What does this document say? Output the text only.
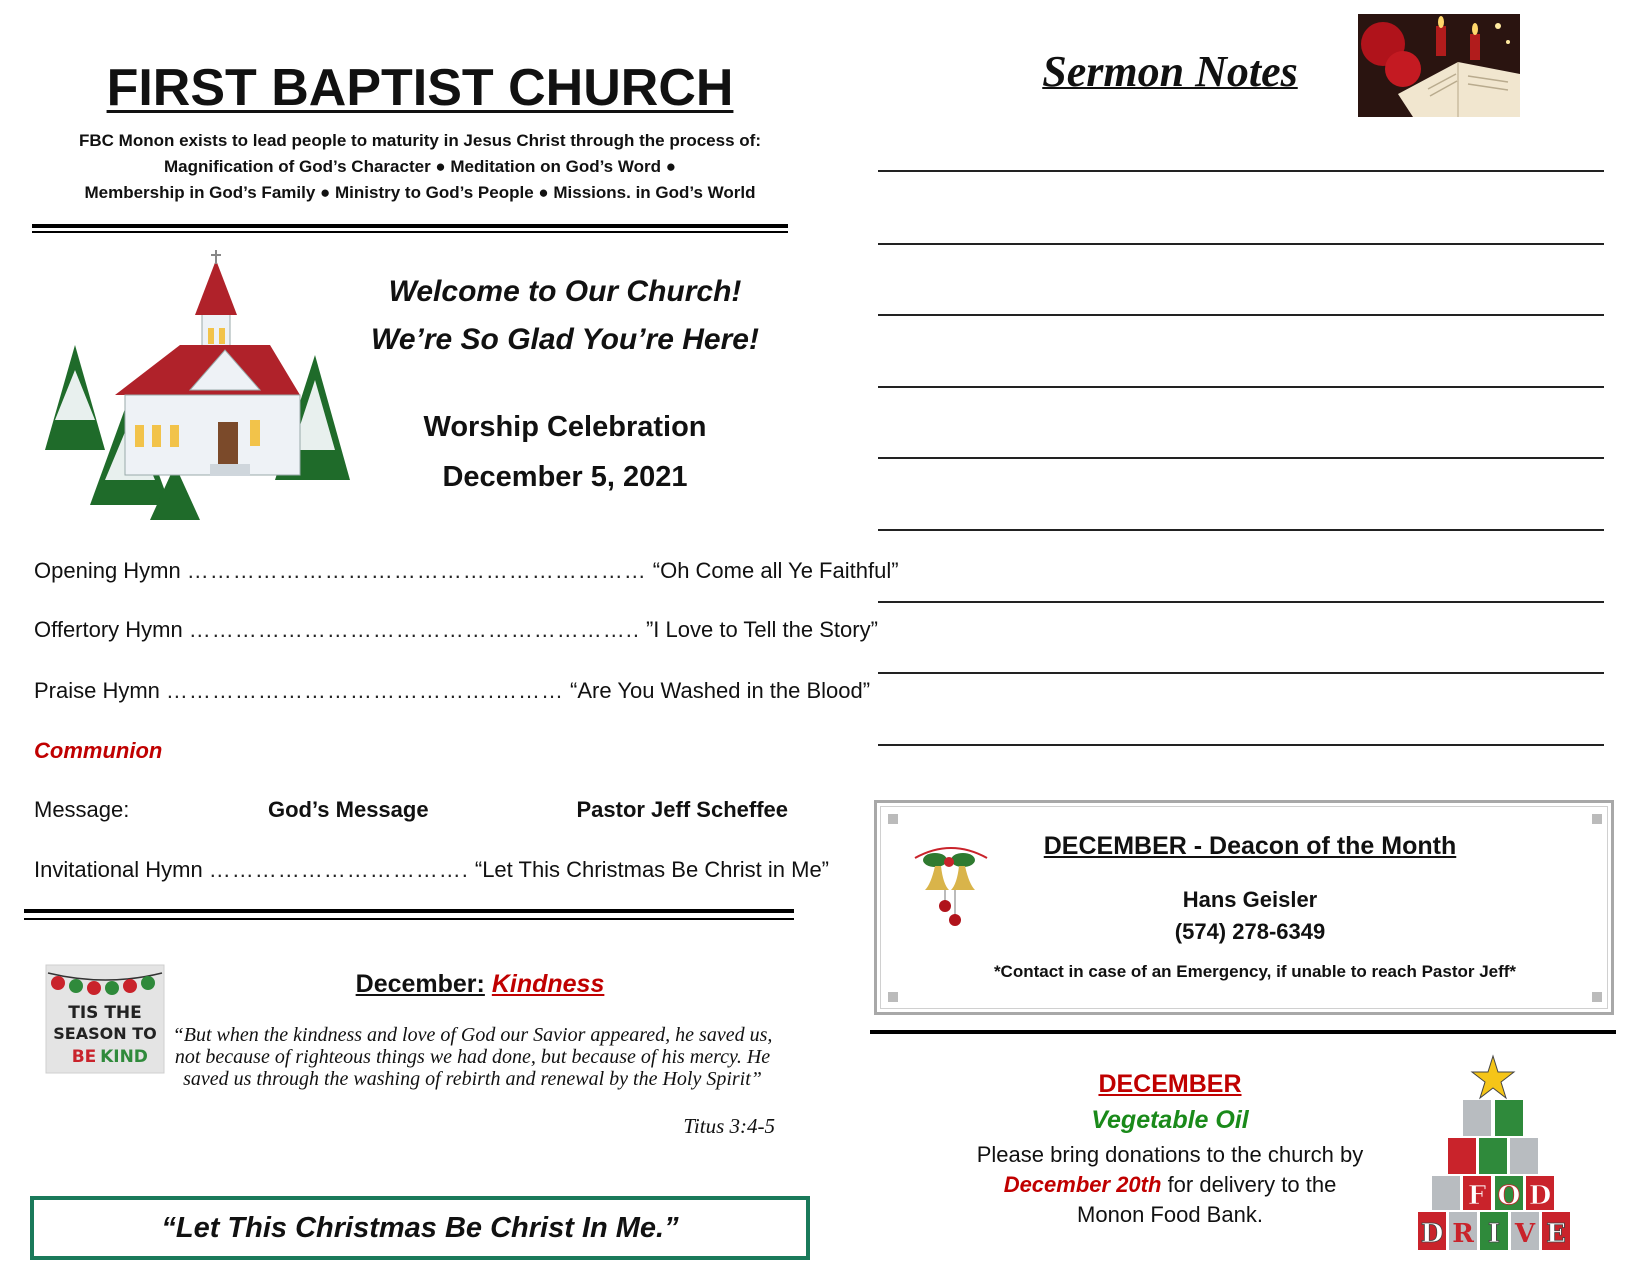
FIRST BAPTIST CHURCH
FBC Monon exists to lead people to maturity in Jesus Christ through the process of:
Magnification of God’s Character ● Meditation on God’s Word ●
Membership in God’s Family ● Ministry to God’s People ● Missions. in God’s World
Welcome to Our Church!
We’re So Glad You’re Here!
Worship Celebration
December 5, 2021
Opening Hymn …………………………………………………… “Oh Come all Ye Faithful”
Offertory Hymn ………………………………………………….. ”I Love to Tell the Story”
Praise Hymn …………………………………….……… “Are You Washed in the Blood”
Communion
Message:	God’s Message	Pastor Jeff Scheffee
Invitational Hymn ……………………………. “Let This Christmas Be Christ in Me”
TIS THE
SEASON TO
BE KIND
December: Kindness
“But when the kindness and love of God our Savior appeared, he saved us, not because of righteous things we had done, but because of his mercy. He saved us through the washing of rebirth and renewal by the Holy Spirit”
Titus 3:4-5
“Let This Christmas Be Christ In Me.”
Sermon Notes
DECEMBER - Deacon of the Month
Hans Geisler
(574) 278-6349
*Contact in case of an Emergency, if unable to reach Pastor Jeff*
DECEMBER
Vegetable Oil
Please bring donations to the church by
December 20th for delivery to the
Monon Food Bank.
F O D
D R I V E
